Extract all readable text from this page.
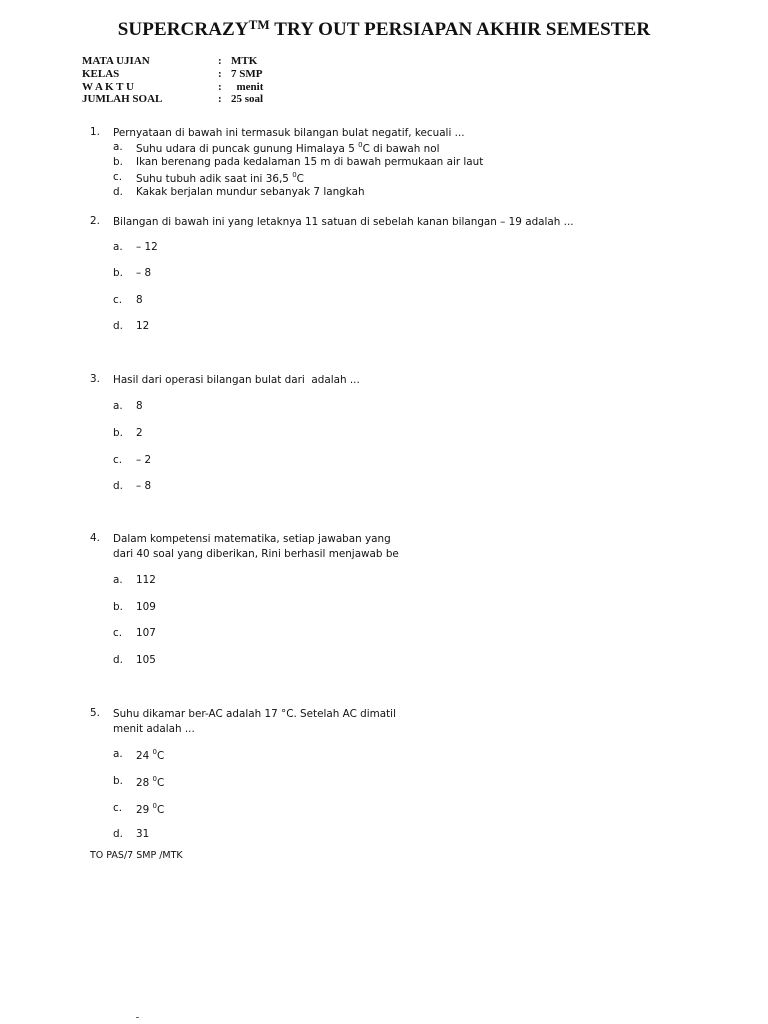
SUPERCRAZY™ TRY OUT PERSIAPAN AKHIR SEMESTER
MATA UJIAN	: MTK
KELAS	: 7 SMP
W A K T U	: menit
JUMLAH SOAL	: 25 soal
1. Pernyataan di bawah ini termasuk bilangan bulat negatif, kecuali ...
a. Suhu udara di puncak gunung Himalaya 5 $^0$C di bawah nol
b. Ikan berenang pada kedalaman 15 m di bawah permukaan air laut
c. Suhu tubuh adik saat ini 36,5 $^0$C
d. Kakak berjalan mundur sebanyak 7 langkah
2. Bilangan di bawah ini yang letaknya 11 satuan di sebelah kanan bilangan – 19 adalah ...
a. – 12
b. – 8
c. 8
d. 12
3. Hasil dari operasi bilangan bulat dari  adalah ...
a. 8
b. 2
c. – 2
d. – 8
4. Dalam kompetensi matematika, setiap jawaban yang
dari 40 soal yang diberikan, Rini berhasil menjawab be
a. 112
b. 109
c. 107
d. 105
5. Suhu dikamar ber-AC adalah 17 °C. Setelah AC dimatil
menit adalah ...
a. 24 $^0$C
b. 28 $^0$C
c. 29 $^0$C
d. 31
TO PAS/7 SMP /MTK
